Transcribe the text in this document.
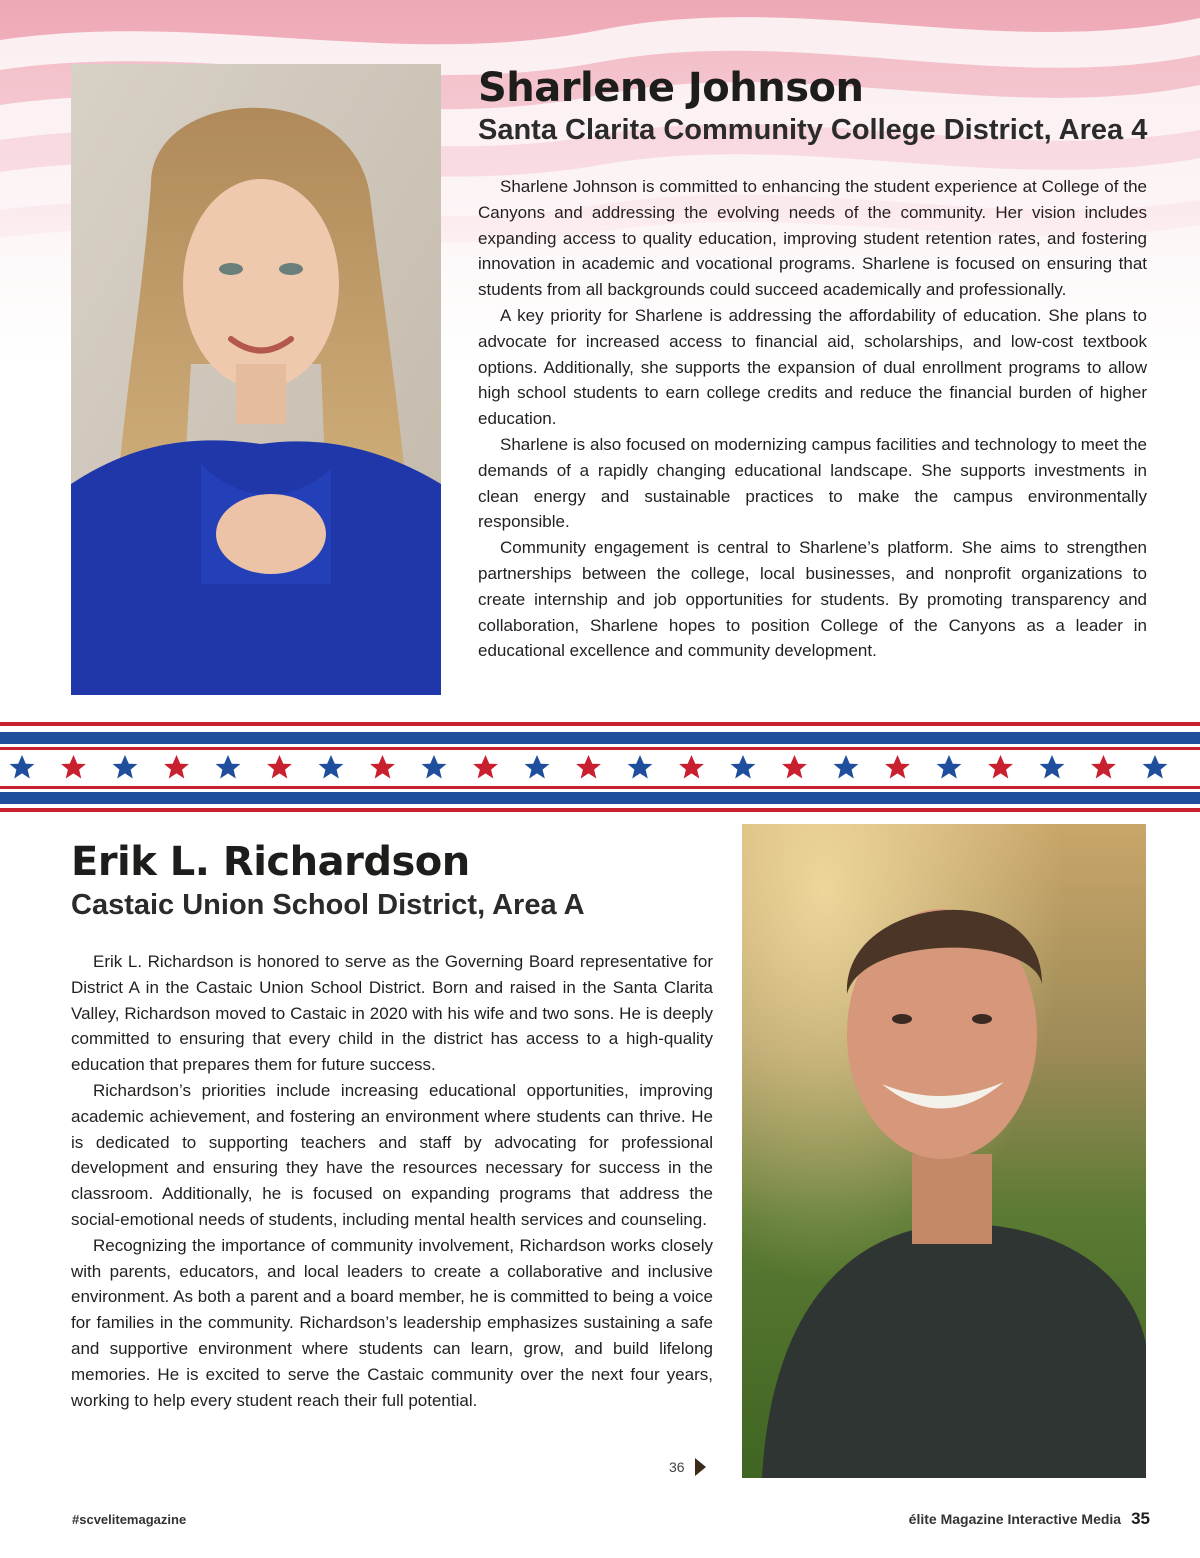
Sharlene Johnson
Santa Clarita Community College District, Area 4

Sharlene Johnson is committed to enhancing the student experience at College of the Canyons and addressing the evolving needs of the community. Her vision includes expanding access to quality education, improving student retention rates, and fostering innovation in academic and vocational programs. Sharlene is focused on ensuring that students from all backgrounds could succeed academically and professionally.

A key priority for Sharlene is addressing the affordability of education. She plans to advocate for increased access to financial aid, scholarships, and low-cost textbook options. Additionally, she supports the expansion of dual enrollment programs to allow high school students to earn college credits and reduce the financial burden of higher education.

Sharlene is also focused on modernizing campus facilities and technology to meet the demands of a rapidly changing educational landscape. She supports investments in clean energy and sustainable practices to make the campus environmentally responsible.

Community engagement is central to Sharlene’s platform. She aims to strengthen partnerships between the college, local businesses, and nonprofit organizations to create internship and job opportunities for students. By promoting transparency and collaboration, Sharlene hopes to position College of the Canyons as a leader in educational excellence and community development.

Erik L. Richardson
Castaic Union School District, Area A

Erik L. Richardson is honored to serve as the Governing Board representative for District A in the Castaic Union School District. Born and raised in the Santa Clarita Valley, Richardson moved to Castaic in 2020 with his wife and two sons. He is deeply committed to ensuring that every child in the district has access to a high-quality education that prepares them for future success.

Richardson’s priorities include increasing educational opportunities, improving academic achievement, and fostering an environment where students can thrive. He is dedicated to supporting teachers and staff by advocating for professional development and ensuring they have the resources necessary for success in the classroom. Additionally, he is focused on expanding programs that address the social-emotional needs of students, including mental health services and counseling.

Recognizing the importance of community involvement, Richardson works closely with parents, educators, and local leaders to create a collaborative and inclusive environment. As both a parent and a board member, he is committed to being a voice for families in the community. Richardson’s leadership emphasizes sustaining a safe and supportive environment where students can learn, grow, and build lifelong memories. He is excited to serve the Castaic community over the next four years, working to help every student reach their full potential.

36
#scvelitemagazine	élite Magazine Interactive Media 35
